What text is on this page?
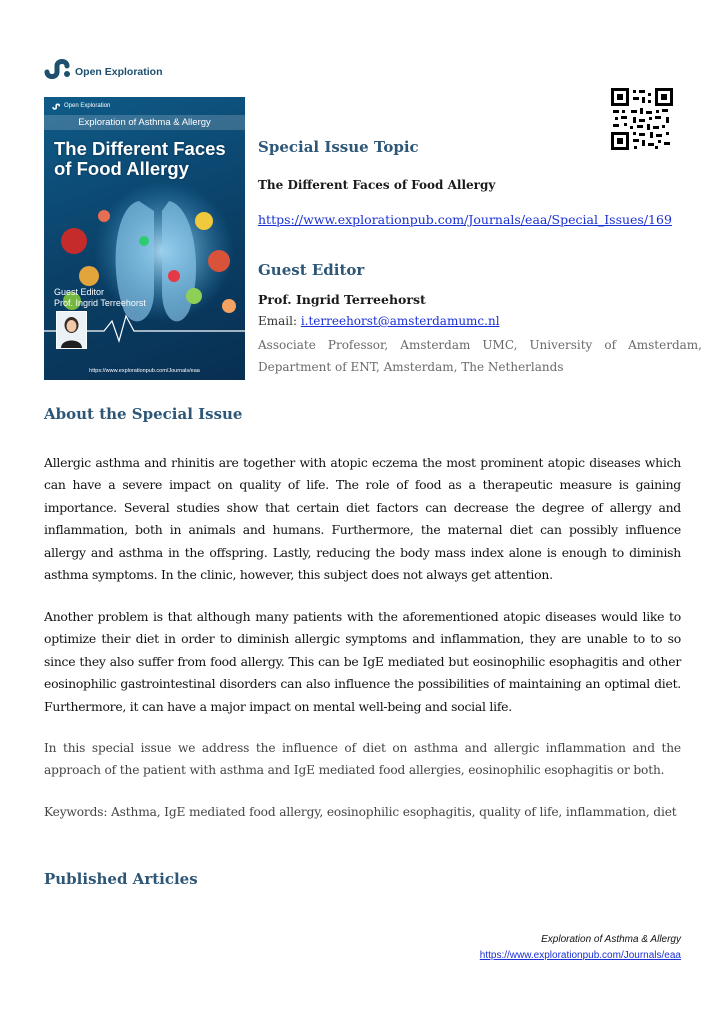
Open Exploration
Open Exploration
Exploration of Asthma & Allergy
The Different Faces
of Food Allergy
Guest Editor
Prof. Ingrid Terreehorst
https://www.explorationpub.com/Journals/eaa
Special Issue Topic
The Different Faces of Food Allergy
https://www.explorationpub.com/Journals/eaa/Special_Issues/169
Guest Editor
Prof. Ingrid Terreehorst
Email: i.terreehorst@amsterdamumc.nl
Associate Professor, Amsterdam UMC, University of Amsterdam, Department of ENT, Amsterdam, The Netherlands
About the Special Issue
Allergic asthma and rhinitis are together with atopic eczema the most prominent atopic diseases which can have a severe impact on quality of life. The role of food as a therapeutic measure is gaining importance. Several studies show that certain diet factors can decrease the degree of allergy and inflammation, both in animals and humans. Furthermore, the maternal diet can possibly influence allergy and asthma in the offspring. Lastly, reducing the body mass index alone is enough to diminish asthma symptoms. In the clinic, however, this subject does not always get attention.
Another problem is that although many patients with the aforementioned atopic diseases would like to optimize their diet in order to diminish allergic symptoms and inflammation, they are unable to to so since they also suffer from food allergy. This can be IgE mediated but eosinophilic esophagitis and other eosinophilic gastrointestinal disorders can also influence the possibilities of maintaining an optimal diet. Furthermore, it can have a major impact on mental well-being and social life.
In this special issue we address the influence of diet on asthma and allergic inflammation and the approach of the patient with asthma and IgE mediated food allergies, eosinophilic esophagitis or both.
Keywords: Asthma, IgE mediated food allergy, eosinophilic esophagitis, quality of life, inflammation, diet
Published Articles
Exploration of Asthma & Allergy
https://www.explorationpub.com/Journals/eaa
